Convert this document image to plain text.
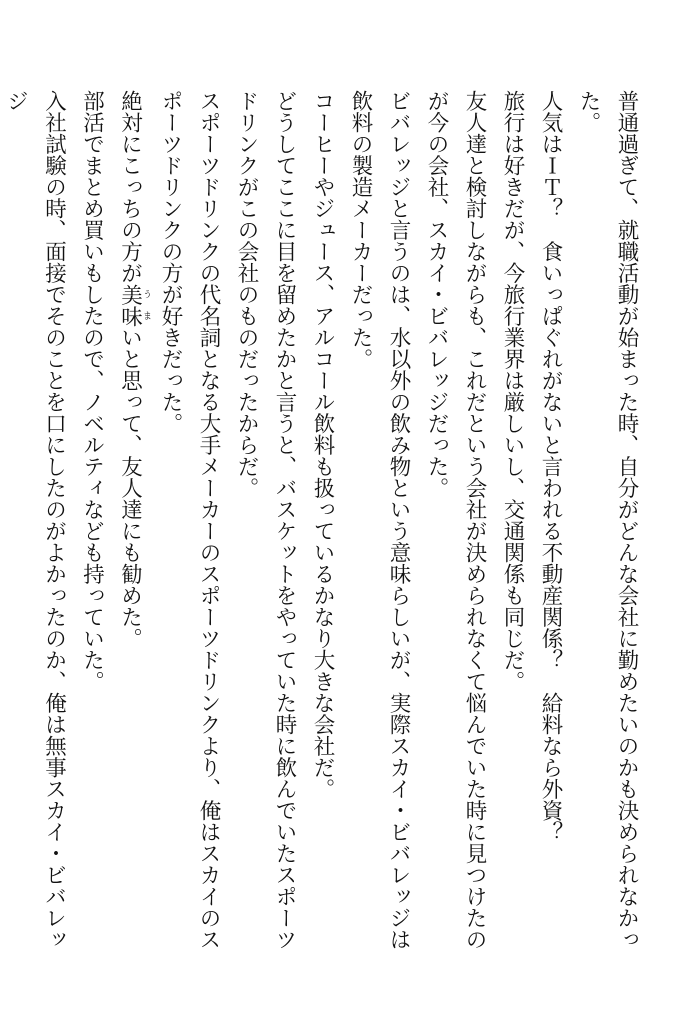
普通過ぎて、就職活動が始まった時、自分がどんな会社に勤めたいのかも決められなかった。

人気はＩＴ？　食いっぱぐれがないと言われる不動産関係？　給料なら外資？

旅行は好きだが、今旅行業界は厳しいし、交通関係も同じだ。

友人達と検討しながらも、これだという会社が決められなくて悩んでいた時に見つけたのが今の会社、スカイ・ビバレッジだった。

ビバレッジと言うのは、水以外の飲み物という意味らしいが、実際スカイ・ビバレッジは飲料の製造メーカーだった。

コーヒーやジュース、アルコール飲料も扱っているかなり大きな会社だ。

どうしてここに目を留めたかと言うと、バスケットをやっていた時に飲んでいたスポーツドリンクがこの会社のものだったからだ。

スポーツドリンクの代名詞となる大手メーカーのスポーツドリンクより、俺はスカイのスポーツドリンクの方が好きだった。

絶対にこっちの方が美味うまいと思って、友人達にも勧めた。

部活でまとめ買いもしたので、ノベルティなども持っていた。

入社試験の時、面接でそのことを口にしたのがよかったのか、俺は無事スカイ・ビバレッジ
